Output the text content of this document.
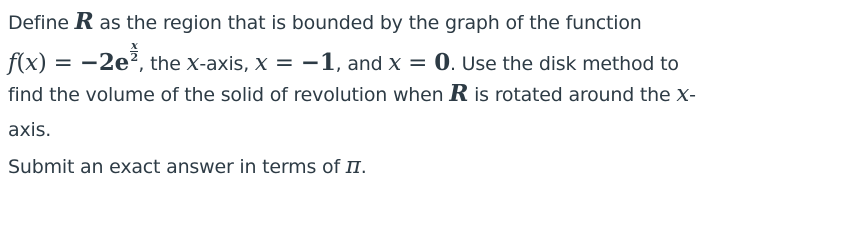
Define R as the region that is bounded by the graph of the function
$f(x) = -2e \frac{x}{2}$
, the x-axis, x = −1, and x = 0. Use the disk method to
find the volume of the solid of revolution when R is rotated around the x-
axis.

Submit an exact answer in terms of π.
